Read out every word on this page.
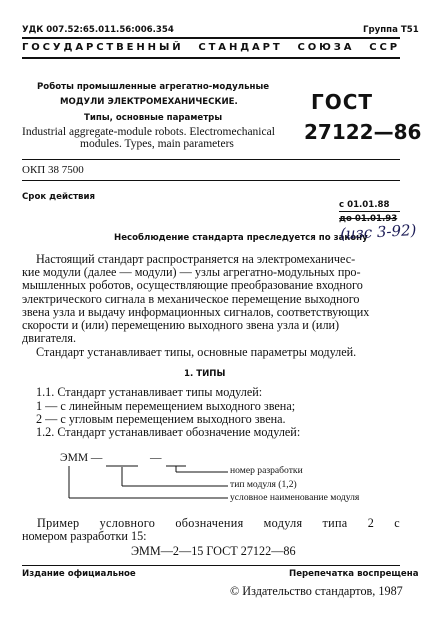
УДК 007.52:65.011.56:006.354	Группа Т51
ГОСУДАРСТВЕННЫЙ СТАНДАРТ СОЮЗА ССР
Роботы промышленные агрегатно-модульные
МОДУЛИ ЭЛЕКТРОМЕХАНИЧЕСКИЕ.
Типы, основные параметры
Industrial aggregate-module robots. Electromechanical
modules. Types, main parameters
ГОСТ
27122—86
ОКП 38 7500
Срок действия
с 01.01.88
до 01.01.93
Несоблюдение стандарта преследуется по закону
(изс 3-92)
Настоящий стандарт распространяется на электромеханичес-
кие модули (далее — модули) — узлы агрегатно-модульных про-
мышленных роботов, осуществляющие преобразование входного
электрического сигнала в механическое перемещение выходного
звена узла и выдачу информационных сигналов, соответствующих
скорости и (или) перемещению выходного звена узла и (или)
двигателя.
Стандарт устанавливает типы, основные параметры модулей.
1. ТИПЫ
1.1. Стандарт устанавливает типы модулей:
1 — с линейным перемещением выходного звена;
2 — с угловым перемещением выходного звена.
1.2. Стандарт устанавливает обозначение модулей:
ЭММ —	—
номер разработки
тип модуля (1,2)
условное наименование модуля
Пример условного обозначения модуля типа 2 с
номером разработки 15:
ЭММ—2—15 ГОСТ 27122—86
Издание официальное	Перепечатка воспрещена
© Издательство стандартов, 1987
